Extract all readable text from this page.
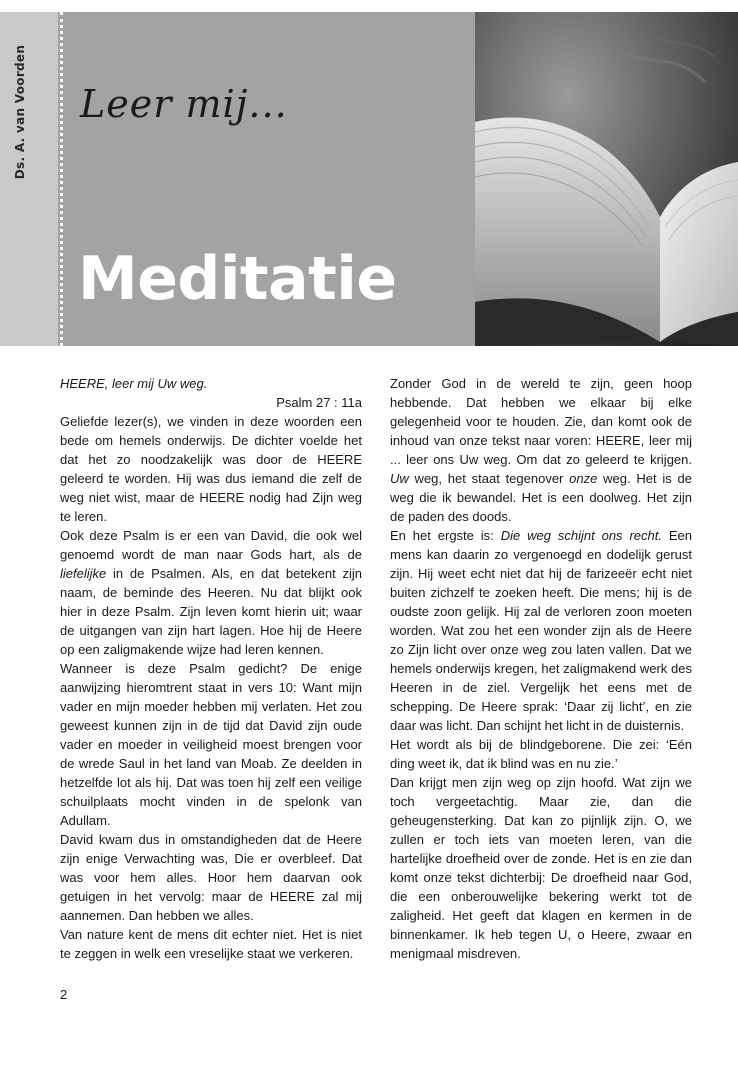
Ds. A. van Voorden Leer mij...
Meditatie

HEERE, leer mij Uw weg.

Psalm 27 : 11a

Geliefde lezer(s), we vinden in deze woorden een bede om hemels onderwijs. De dichter voelde het dat het zo noodzakelijk was door de HEERE geleerd te worden. Hij was dus iemand die zelf de weg niet wist, maar de HEERE nodig had Zijn weg te leren.

Ook deze Psalm is er een van David, die ook wel genoemd wordt de man naar Gods hart, als de liefelijke in de Psalmen. Als, en dat betekent zijn naam, de beminde des Heeren. Nu dat blijkt ook hier in deze Psalm. Zijn leven komt hierin uit; waar de uitgangen van zijn hart lagen. Hoe hij de Heere op een zaligmakende wijze had leren kennen.

Wanneer is deze Psalm gedicht? De enige aanwijzing hieromtrent staat in vers 10: Want mijn vader en mijn moeder hebben mij verlaten. Het zou geweest kunnen zijn in de tijd dat David zijn oude vader en moeder in veiligheid moest brengen voor de wrede Saul in het land van Moab. Ze deelden in hetzelfde lot als hij. Dat was toen hij zelf een veilige schuilplaats mocht vinden in de spelonk van Adullam.

David kwam dus in omstandigheden dat de Heere zijn enige Verwachting was, Die er overbleef. Dat was voor hem alles. Hoor hem daarvan ook getuigen in het vervolg: maar de HEERE zal mij aannemen. Dan hebben we alles.

Van nature kent de mens dit echter niet. Het is niet te zeggen in welk een vreselijke staat we verkeren.

Zonder God in de wereld te zijn, geen hoop hebbende. Dat hebben we elkaar bij elke gelegenheid voor te houden. Zie, dan komt ook de inhoud van onze tekst naar voren: HEERE, leer mij ... leer ons Uw weg. Om dat zo geleerd te krijgen. Uw weg, het staat tegenover onze weg. Het is de weg die ik bewandel. Het is een doolweg. Het zijn de paden des doods.

En het ergste is: Die weg schijnt ons recht. Een mens kan daarin zo vergenoegd en dodelijk gerust zijn. Hij weet echt niet dat hij de farizeeër echt niet buiten zichzelf te zoeken heeft. Die mens; hij is de oudste zoon gelijk. Hij zal de verloren zoon moeten worden. Wat zou het een wonder zijn als de Heere zo Zijn licht over onze weg zou laten vallen. Dat we hemels onderwijs kregen, het zaligmakend werk des Heeren in de ziel. Vergelijk het eens met de schepping. De Heere sprak: ‘Daar zij licht’, en zie daar was licht. Dan schijnt het licht in de duisternis.

Het wordt als bij de blindgeborene. Die zei: ‘Eén ding weet ik, dat ik blind was en nu zie.’

Dan krijgt men zijn weg op zijn hoofd. Wat zijn we toch vergeetachtig. Maar zie, dan die geheugensterking. Dat kan zo pijnlijk zijn. O, we zullen er toch iets van moeten leren, van die hartelijke droefheid over de zonde. Het is en zie dan komt onze tekst dichterbij: De droefheid naar God, die een onberouwelijke bekering werkt tot de zaligheid. Het geeft dat klagen en kermen in de binnenkamer. Ik heb tegen U, o Heere, zwaar en menigmaal misdreven.

2
